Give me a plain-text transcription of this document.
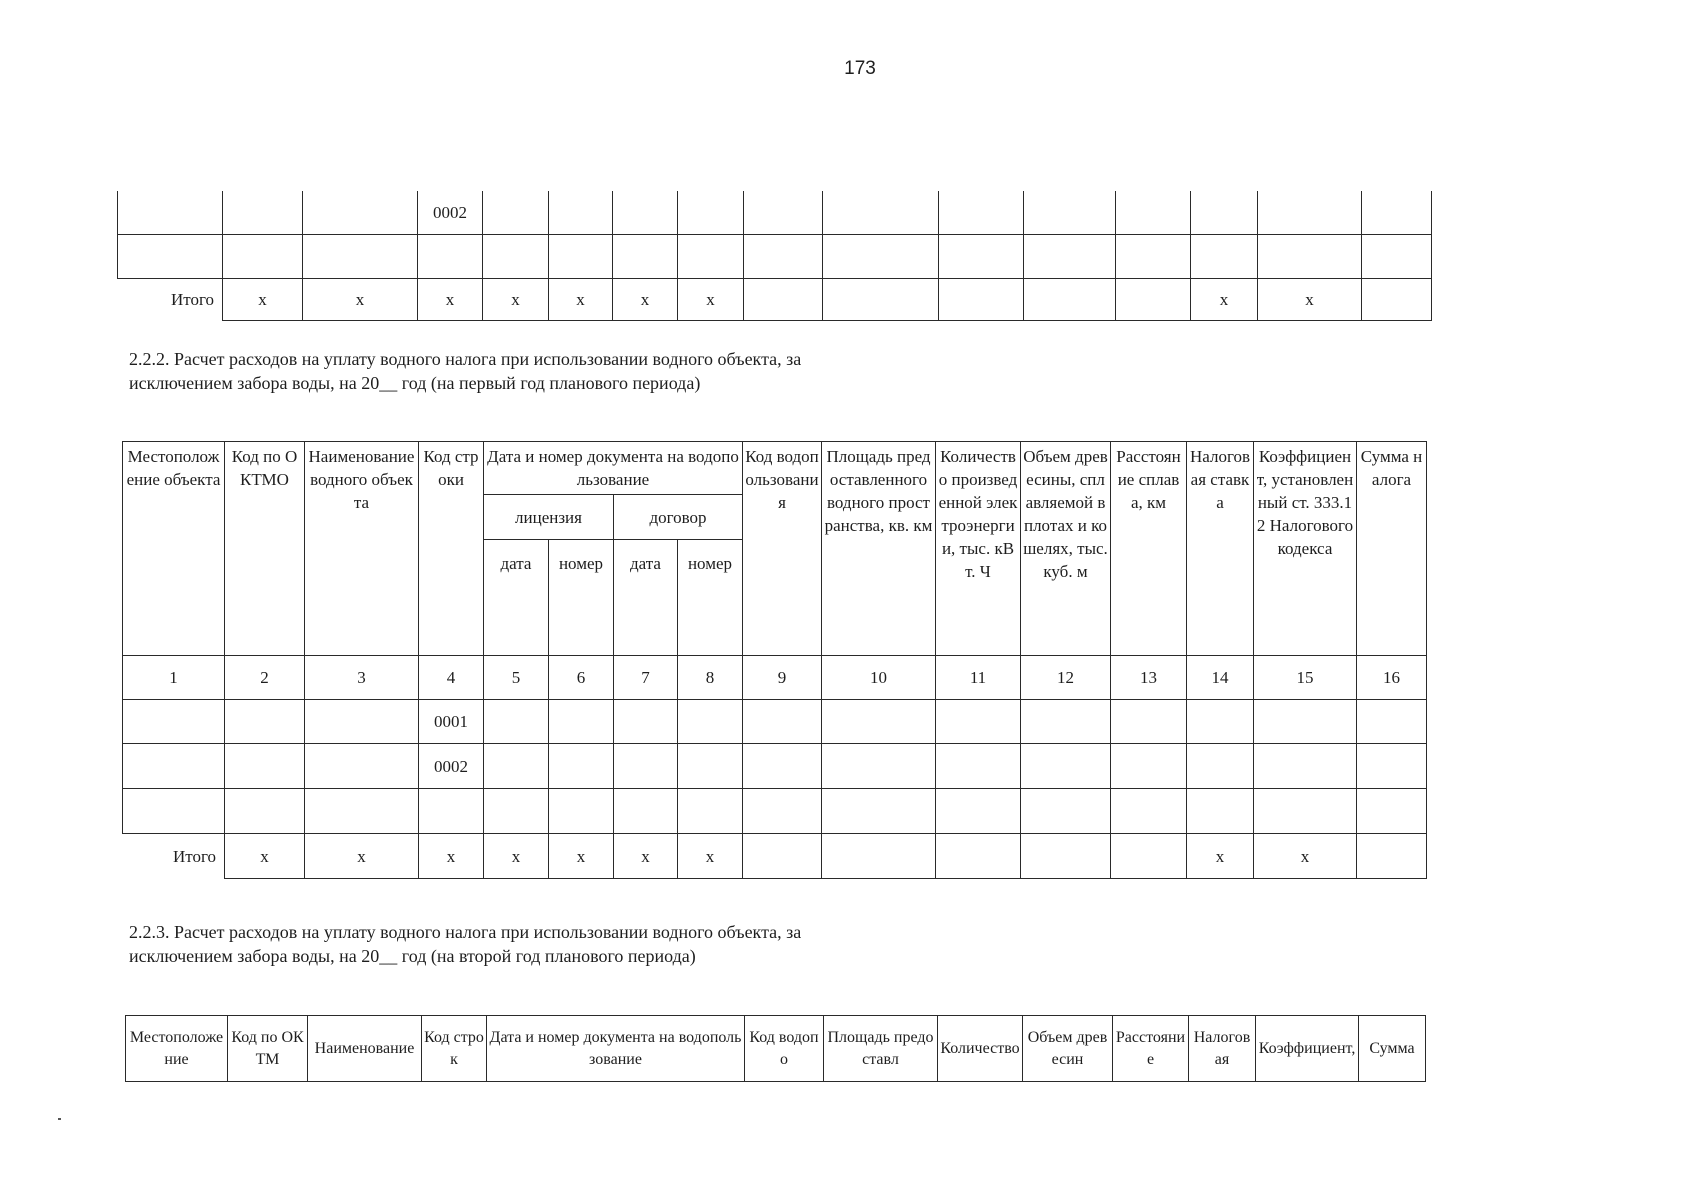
173
			0002												

Итого	x	x	x	x	x	x	x						x	x	
2.2.2. Расчет расходов на уплату водного налога при использовании водного объекта, за исключением забора воды, на 20__ год (на первый год планового периода)
Местоположение объекта	Код по ОКТМО	Наименование водного объекта	Код строки	Дата и номер документа на водопользование				Код водопользования	Площадь предоставленного водного пространства, кв. км	Количество произведенной электроэнергии, тыс. кВт. Ч	Объем древесины, сплавляемой в плотах и кошелях, тыс. куб. м	Расстояние сплава, км	Налоговая ставка	Коэффициент, установленный ст. 333.12 Налогового кодекса	Сумма налога
				лицензия		договор									
				дата	номер	дата	номер								
1	2	3	4	5	6	7	8	9	10	11	12	13	14	15	16
			0001												
			0002												

Итого	x	x	x	x	x	x	x						x	x	
2.2.3. Расчет расходов на уплату водного налога при использовании водного объекта, за исключением забора воды, на 20__ год (на второй год планового периода)
Местоположение	Код по ОКТМ	Наименование	Код строк	Дата и номер документа на водопользование	Код водопо	Площадь предоставл	Количество	Объем древесин	Расстояние	Налоговая	Коэффициент,	Сумма
